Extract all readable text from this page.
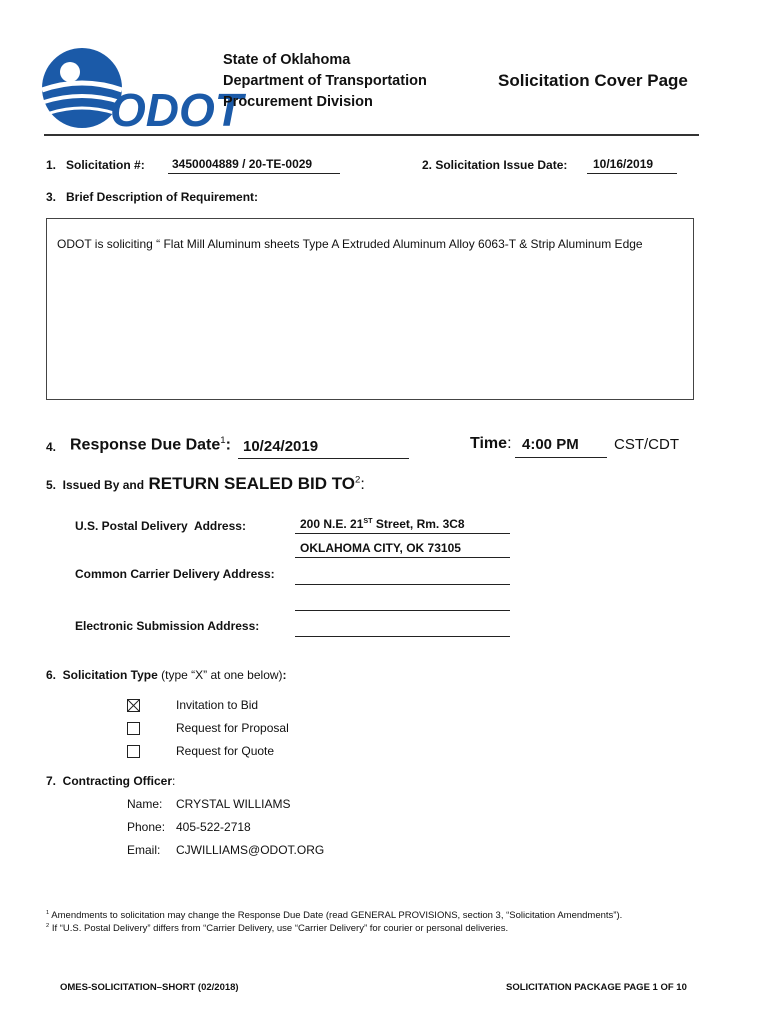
ODOT
State of Oklahoma
Department of Transportation
Procurement Division
Solicitation Cover Page
1.   Solicitation #:	3450004889 / 20-TE-0029	2. Solicitation Issue Date:	10/16/2019
3.   Brief Description of Requirement:
ODOT is soliciting “ Flat Mill Aluminum sheets Type A Extruded Aluminum Alloy 6063-T & Strip Aluminum Edge
4. Response Due Date$^1$: 10/24/2019	Time: 4:00 PM	CST/CDT
5.  Issued By and RETURN SEALED BID $TO^2$:
U.S. Postal Delivery  Address:	200 N.E. 21ST Street, Rm. 3C8
OKLAHOMA CITY, OK 73105
Common Carrier Delivery Address:
Electronic Submission Address:
6.  Solicitation Type (type “X” at one below):
Invitation to Bid
Request for Proposal
Request for Quote
7.  Contracting Officer:
Name: CRYSTAL WILLIAMS
Phone: 405-522-2718
Email: CJWILLIAMS@ODOT.ORG
$^1$ Amendments to solicitation may change the Response Due Date (read GENERAL PROVISIONS, section 3, “Solicitation Amendments”).
$^2$ If “U.S. Postal Delivery” differs from “Carrier Delivery, use “Carrier Delivery” for courier or personal deliveries.
OMES-SOLICITATION–SHORT (02/2018)	SOLICITATION PACKAGE PAGE 1 OF 10
